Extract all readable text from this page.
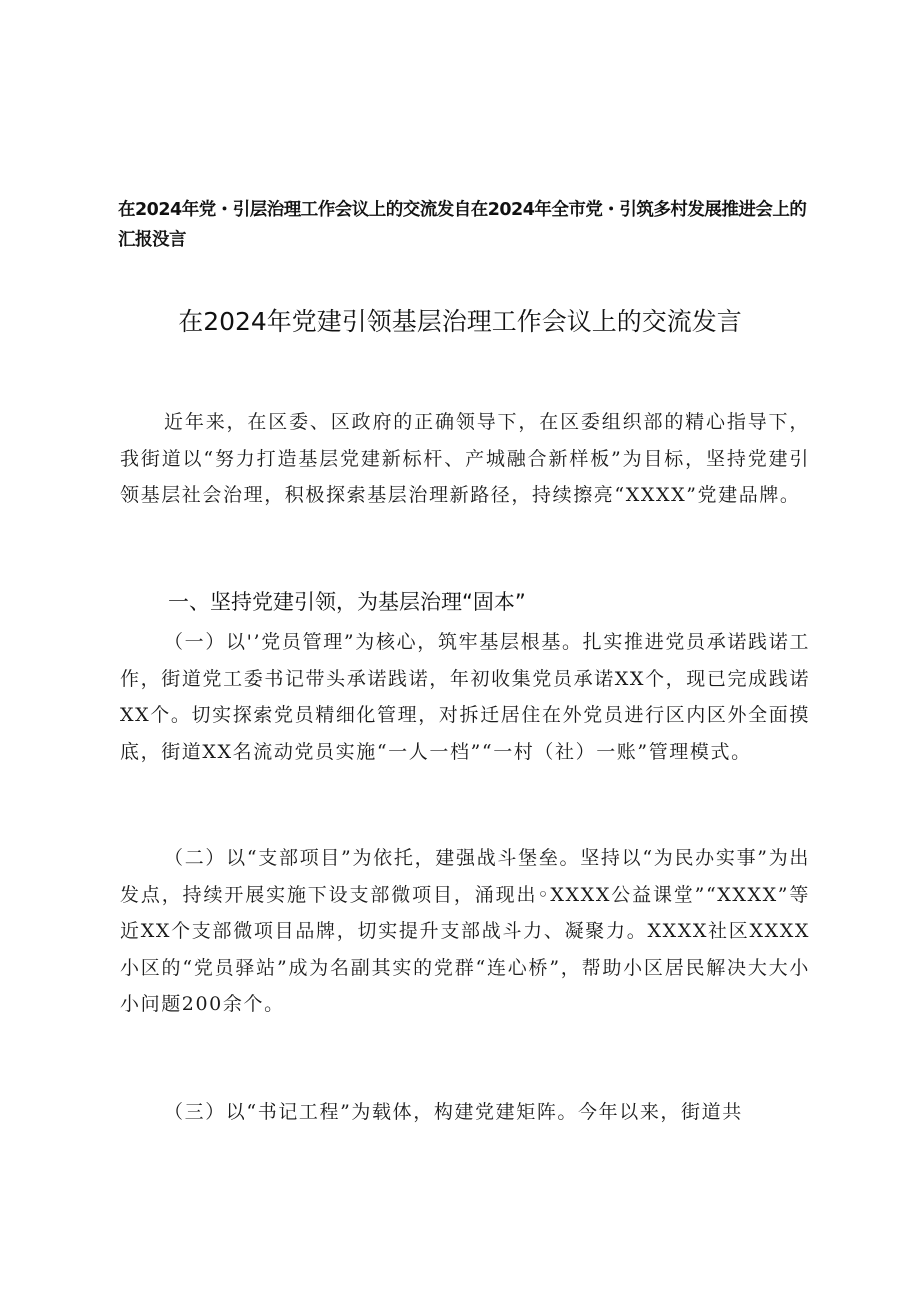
在2024年党・引层治理工作会议上的交流发自在2024年全市党・引筑多村发展推进会上的汇报没言
在2024年党建引领基层治理工作会议上的交流发言

近年来，在区委、区政府的正确领导下，在区委组织部的精心指导下，我街道以“努力打造基层党建新标杆、产城融合新样板”为目标，坚持党建引领基层社会治理，积极探索基层治理新路径，持续擦亮“XXXX”党建品牌。

一、坚持党建引领，为基层治理“固本”

（一）以'’党员管理”为核心，筑牢基层根基。扎实推进党员承诺践诺工作，街道党工委书记带头承诺践诺，年初收集党员承诺XX个，现已完成践诺XX个。切实探索党员精细化管理，对拆迁居住在外党员进行区内区外全面摸底，街道XX名流动党员实施“一人一档”“一村（社）一账”管理模式。

（二）以“支部项目”为依托，建强战斗堡垒。坚持以“为民办实事”为出发点，持续开展实施下设支部微项目，涌现出◦XXXX公益课堂”“XXXX”等近XX个支部微项目品牌，切实提升支部战斗力、凝聚力。XXXX社区XXXX小区的“党员驿站”成为名副其实的党群“连心桥”，帮助小区居民解决大大小小问题200余个。

（三）以“书记工程”为载体，构建党建矩阵。今年以来，街道共
